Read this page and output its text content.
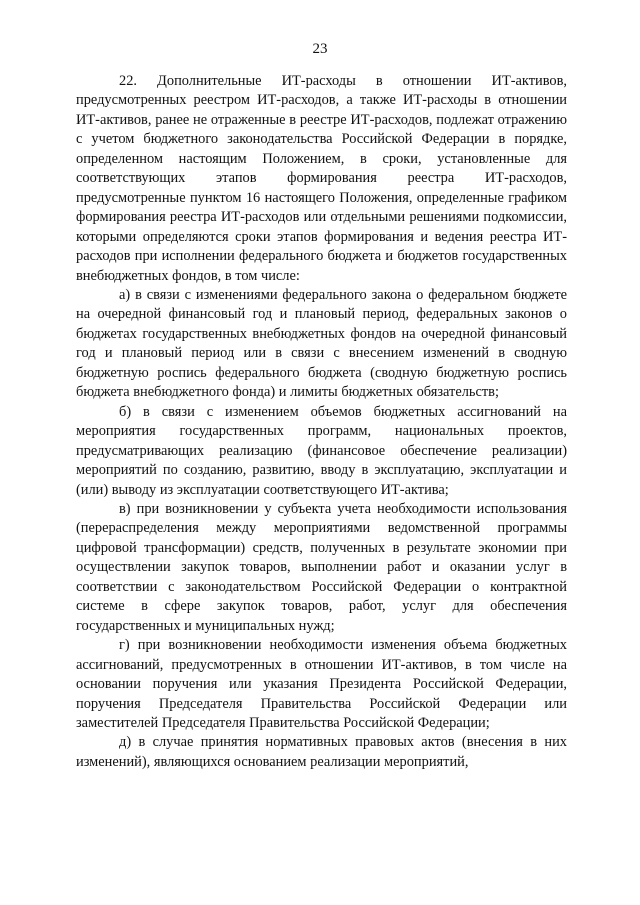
23

22. Дополнительные ИТ-расходы в отношении ИТ-активов, предусмотренных реестром ИТ-расходов, а также ИТ-расходы в отношении ИТ-активов, ранее не отраженные в реестре ИТ-расходов, подлежат отражению с учетом бюджетного законодательства Российской Федерации в порядке, определенном настоящим Положением, в сроки, установленные для соответствующих этапов формирования реестра ИТ-расходов, предусмотренные пунктом 16 настоящего Положения, определенные графиком формирования реестра ИТ-расходов или отдельными решениями подкомиссии, которыми определяются сроки этапов формирования и ведения реестра ИТ-расходов при исполнении федерального бюджета и бюджетов государственных внебюджетных фондов, в том числе:

а) в связи с изменениями федерального закона о федеральном бюджете на очередной финансовый год и плановый период, федеральных законов о бюджетах государственных внебюджетных фондов на очередной финансовый год и плановый период или в связи с внесением изменений в сводную бюджетную роспись федерального бюджета (сводную бюджетную роспись бюджета внебюджетного фонда) и лимиты бюджетных обязательств;

б) в связи с изменением объемов бюджетных ассигнований на мероприятия государственных программ, национальных проектов, предусматривающих реализацию (финансовое обеспечение реализации) мероприятий по созданию, развитию, вводу в эксплуатацию, эксплуатации и (или) выводу из эксплуатации соответствующего ИТ-актива;

в) при возникновении у субъекта учета необходимости использования (перераспределения между мероприятиями ведомственной программы цифровой трансформации) средств, полученных в результате экономии при осуществлении закупок товаров, выполнении работ и оказании услуг в соответствии с законодательством Российской Федерации о контрактной системе в сфере закупок товаров, работ, услуг для обеспечения государственных и муниципальных нужд;

г) при возникновении необходимости изменения объема бюджетных ассигнований, предусмотренных в отношении ИТ-активов, в том числе на основании поручения или указания Президента Российской Федерации, поручения Председателя Правительства Российской Федерации или заместителей Председателя Правительства Российской Федерации;

д) в случае принятия нормативных правовых актов (внесения в них изменений), являющихся основанием реализации мероприятий,
